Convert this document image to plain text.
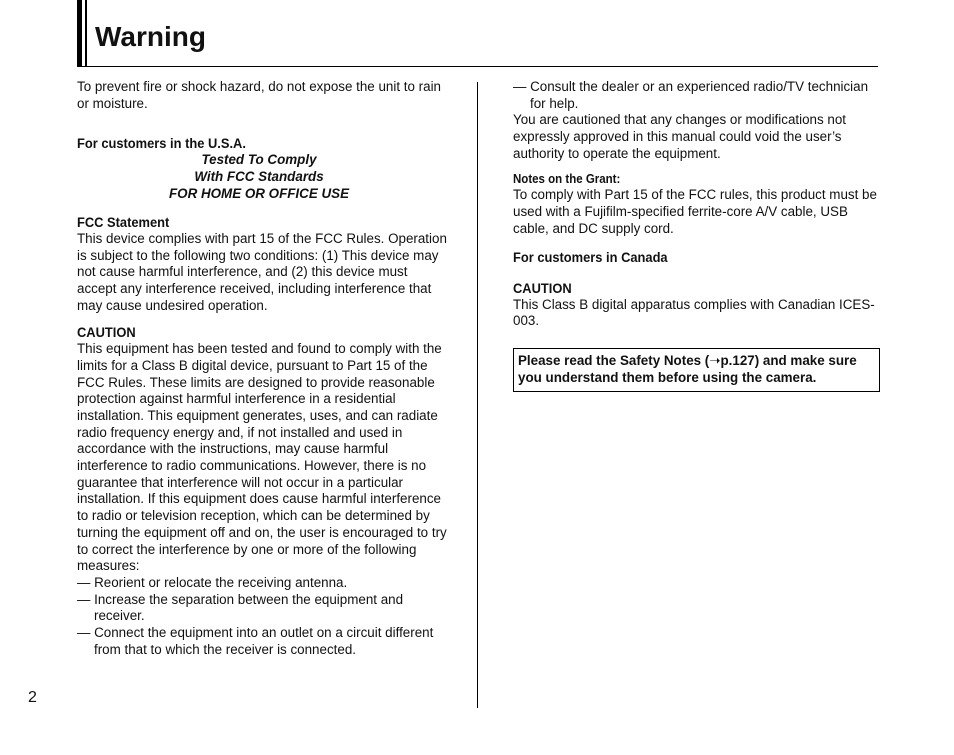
Warning

To prevent fire or shock hazard, do not expose the unit to rain or moisture.

For customers in the U.S.A.

Tested To Comply

With FCC Standards

FOR HOME OR OFFICE USE

FCC Statement

This device complies with part 15 of the FCC Rules. Operation is subject to the following two conditions: (1) This device may not cause harmful interference, and (2) this device must accept any interference received, including interference that may cause undesired operation.

CAUTION

This equipment has been tested and found to comply with the limits for a Class B digital device, pursuant to Part 15 of the FCC Rules. These limits are designed to provide reasonable protection against harmful interference in a residential installation. This equipment generates, uses, and can radiate radio frequency energy and, if not installed and used in accordance with the instructions, may cause harmful interference to radio communications. However, there is no guarantee that interference will not occur in a particular installation. If this equipment does cause harmful interference to radio or television reception, which can be determined by turning the equipment off and on, the user is encouraged to try to correct the interference by one or more of the following measures:

— Reorient or relocate the receiving antenna.

— Increase the separation between the equipment and receiver.

— Connect the equipment into an outlet on a circuit different from that to which the receiver is connected.

— Consult the dealer or an experienced radio/TV technician for help.

You are cautioned that any changes or modifications not expressly approved in this manual could void the user’s authority to operate the equipment.

Notes on the Grant:

To comply with Part 15 of the FCC rules, this product must be used with a Fujifilm-specified ferrite-core A/V cable, USB cable, and DC supply cord.

For customers in Canada

CAUTION

This Class B digital apparatus complies with Canadian ICES-003.

Please read the Safety Notes (➝p.127) and make sure you understand them before using the camera.
2
